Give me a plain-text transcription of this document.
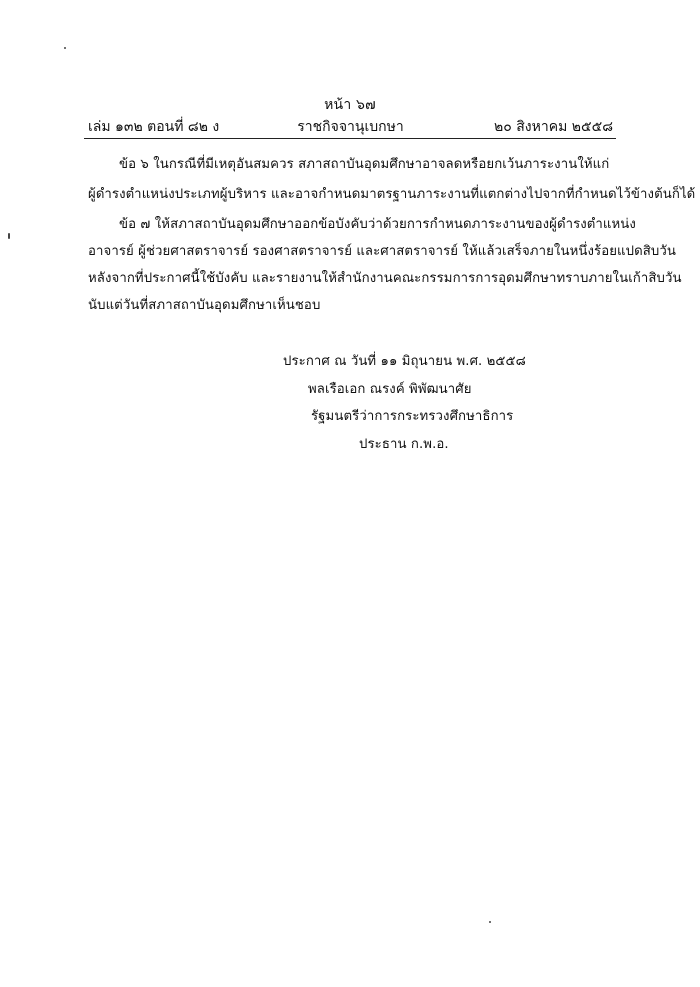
หน้า ๖๗
เล่ม ๑๓๒ ตอนที่ ๘๒ ง	ราชกิจจานุเบกษา	๒๐ สิงหาคม ๒๕๕๘
ข้อ ๖ ในกรณีที่มีเหตุอันสมควร สภาสถาบันอุดมศึกษาอาจลดหรือยกเว้นภาระงานให้แก่
ผู้ดำรงตำแหน่งประเภทผู้บริหาร และอาจกำหนดมาตรฐานภาระงานที่แตกต่างไปจากที่กำหนดไว้ข้างต้นก็ได้
ข้อ ๗ ให้สภาสถาบันอุดมศึกษาออกข้อบังคับว่าด้วยการกำหนดภาระงานของผู้ดำรงตำแหน่ง
อาจารย์ ผู้ช่วยศาสตราจารย์ รองศาสตราจารย์ และศาสตราจารย์ ให้แล้วเสร็จภายในหนึ่งร้อยแปดสิบวัน
หลังจากที่ประกาศนี้ใช้บังคับ และรายงานให้สำนักงานคณะกรรมการการอุดมศึกษาทราบภายในเก้าสิบวัน
นับแต่วันที่สภาสถาบันอุดมศึกษาเห็นชอบ
ประกาศ ณ วันที่ ๑๑ มิถุนายน พ.ศ. ๒๕๕๘
พลเรือเอก ณรงค์ พิพัฒนาศัย
รัฐมนตรีว่าการกระทรวงศึกษาธิการ
ประธาน ก.พ.อ.
